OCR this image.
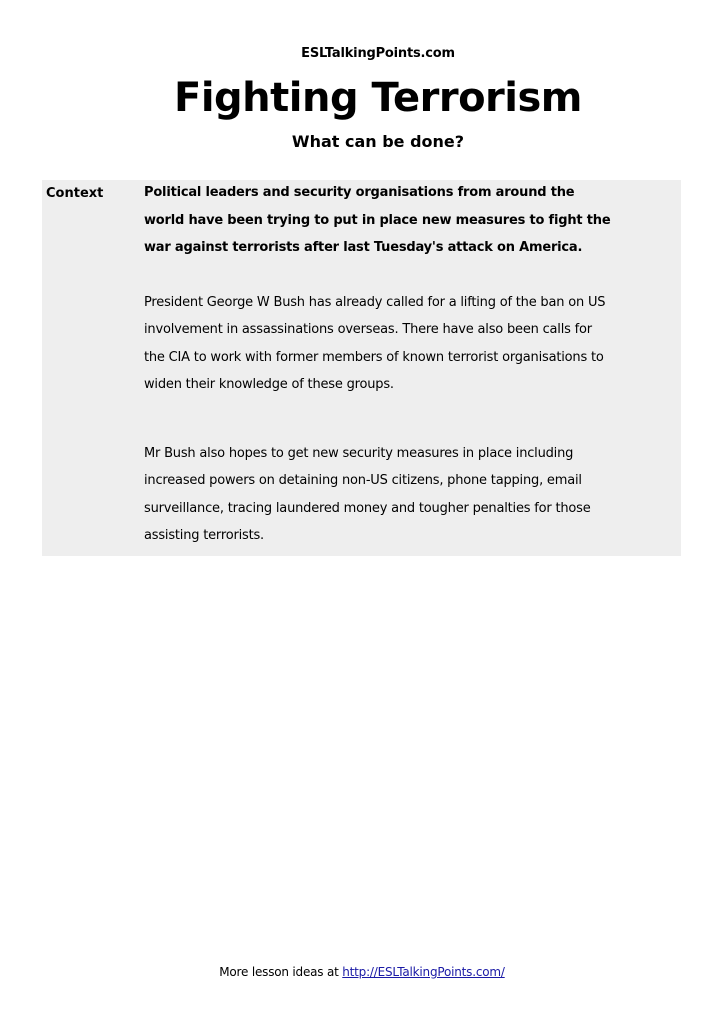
ESLTalkingPoints.com
Fighting Terrorism
What can be done?
Context	Political leaders and security organisations from around the world have been trying to put in place new measures to fight the war against terrorists after last Tuesday's attack on America.

President George W Bush has already called for a lifting of the ban on US involvement in assassinations overseas. There have also been calls for the CIA to work with former members of known terrorist organisations to widen their knowledge of these groups.

Mr Bush also hopes to get new security measures in place including increased powers on detaining non-US citizens, phone tapping, email surveillance, tracing laundered money and tougher penalties for those assisting terrorists.

More lesson ideas at http://ESLTalkingPoints.com/
